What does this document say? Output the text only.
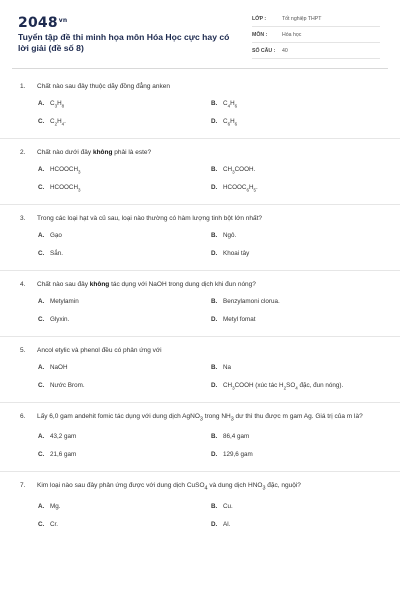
$2048^{vn}$
Tuyển tập đề thi minh họa môn Hóa Học cực hay có lời giải (đề số 8)
LỚP :	Tốt nghiệp THPT
MÔN :	Hóa học
SỐ CÂU :	40
1.	Chất nào sau đây thuộc dãy đồng đẳng anken
A. $C_3H_8$	B. $C_4H_6$
C. $C_2H_4$.	D. $C_6H_6$
2.	Chất nào dưới đây không phải là este?
A. $HCOOCH_3$	B. $CH_3COOH$.
C. $HCOOCH_3$	D. $HCOOC_6H_5$.
3.	Trong các loại hạt và củ sau, loại nào thường có hàm lượng tinh bột lớn nhất?
A. Gạo	B. Ngô.
C. Sắn.	D. Khoai tây
4.	Chất nào sau đây không tác dụng với NaOH trong dung dịch khi đun nóng?
A. Metylamin	B. Benzylamoni clorua.
C. Glyxin.	D. Metyl fomat
5.	Ancol etylic và phenol đều có phản ứng với
A. NaOH	B. Na
C. Nước Brom.	D. $CH_3COOH$ (xúc tác $H_2SO_4$ đặc, đun nóng).
6.	Lấy 6,0 gam andehit fomic tác dụng với dung dịch AgNO$_3$ trong $NH_3$ dư thì thu được m gam Ag. Giá trị của m là?
A. 43,2 gam	B. 86,4 gam
C. 21,6 gam	D. 129,6 gam
7.	Kim loại nào sau đây phản ứng được với dung dịch CuSO$_4$ và dung dịch $HNO_3$ đặc, nguội?
A. Mg.	B. Cu.
C. Cr.	D. Al.
